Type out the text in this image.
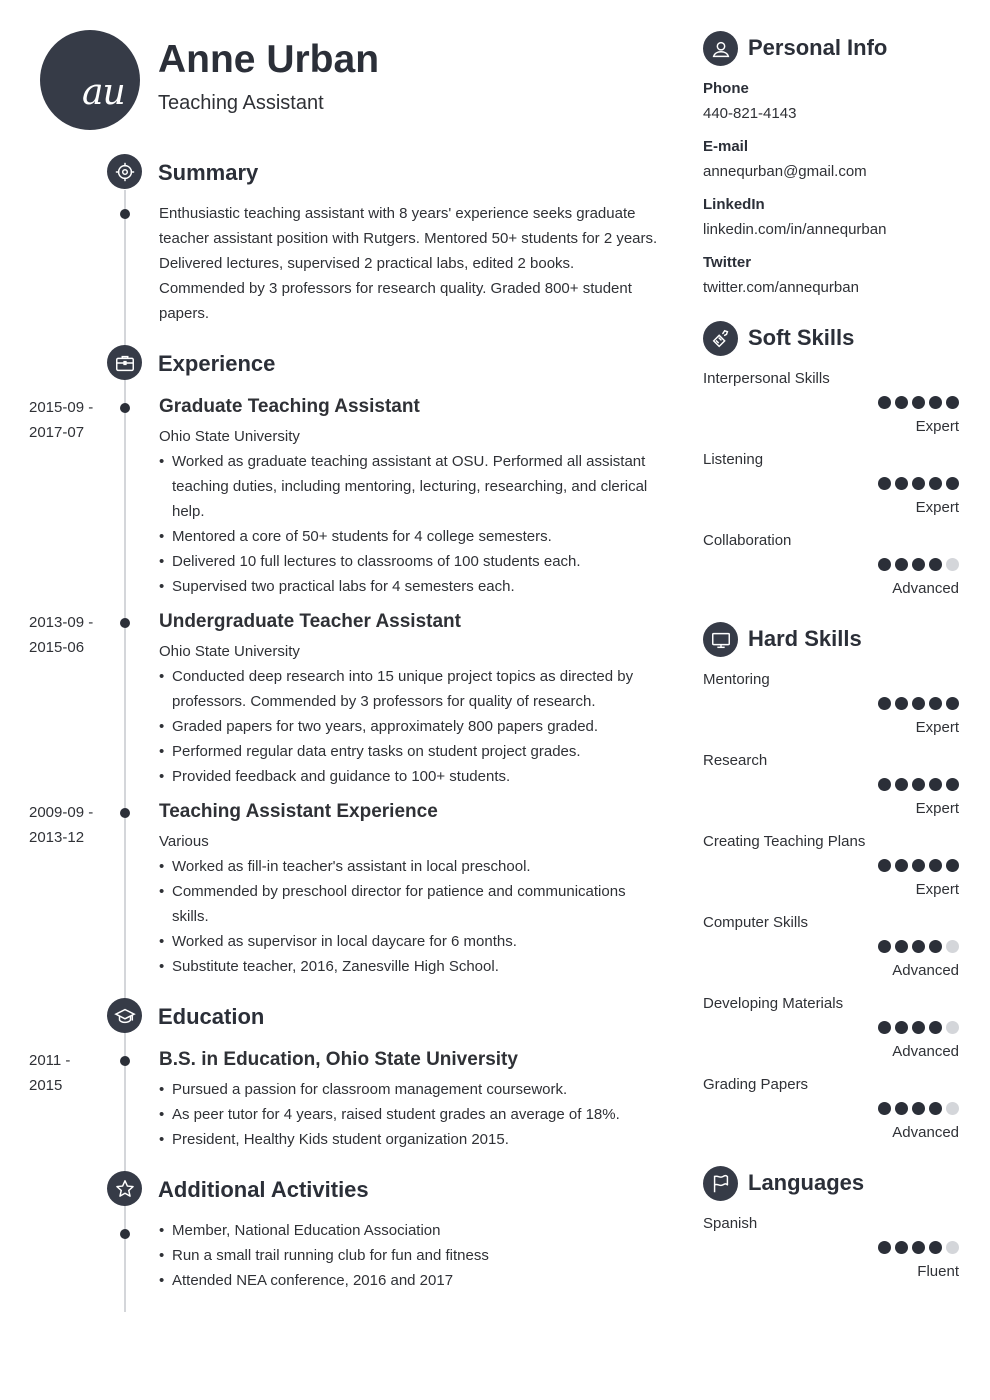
au
Anne Urban
Teaching Assistant
Summary
Enthusiastic teaching assistant with 8 years' experience seeks graduate teacher assistant position with Rutgers. Mentored 50+ students for 2 years. Delivered lectures, supervised 2 practical labs, edited 2 books. Commended by 3 professors for research quality. Graded 800+ student papers.
Experience
2015-09 -
2017-07
Graduate Teaching Assistant
Ohio State University
• Worked as graduate teaching assistant at OSU. Performed all assistant teaching duties, including mentoring, lecturing, researching, and clerical help.
• Mentored a core of 50+ students for 4 college semesters.
• Delivered 10 full lectures to classrooms of 100 students each.
• Supervised two practical labs for 4 semesters each.
2013-09 -
2015-06
Undergraduate Teacher Assistant
Ohio State University
• Conducted deep research into 15 unique project topics as directed by professors. Commended by 3 professors for quality of research.
• Graded papers for two years, approximately 800 papers graded.
• Performed regular data entry tasks on student project grades.
• Provided feedback and guidance to 100+ students.
2009-09 -
2013-12
Teaching Assistant Experience
Various
• Worked as fill-in teacher's assistant in local preschool.
• Commended by preschool director for patience and communications skills.
• Worked as supervisor in local daycare for 6 months.
• Substitute teacher, 2016, Zanesville High School.
Education
2011 -
2015
B.S. in Education, Ohio State University
• Pursued a passion for classroom management coursework.
• As peer tutor for 4 years, raised student grades an average of 18%.
• President, Healthy Kids student organization 2015.
Additional Activities
• Member, National Education Association
• Run a small trail running club for fun and fitness
• Attended NEA conference, 2016 and 2017
Personal Info
Phone
440-821-4143
E-mail
annequrban@gmail.com
LinkedIn
linkedin.com/in/annequrban
Twitter
twitter.com/annequrban
Soft Skills
Interpersonal Skills
Expert
Listening
Expert
Collaboration
Advanced
Hard Skills
Mentoring
Expert
Research
Expert
Creating Teaching Plans
Expert
Computer Skills
Advanced
Developing Materials
Advanced
Grading Papers
Advanced
Languages
Spanish
Fluent
